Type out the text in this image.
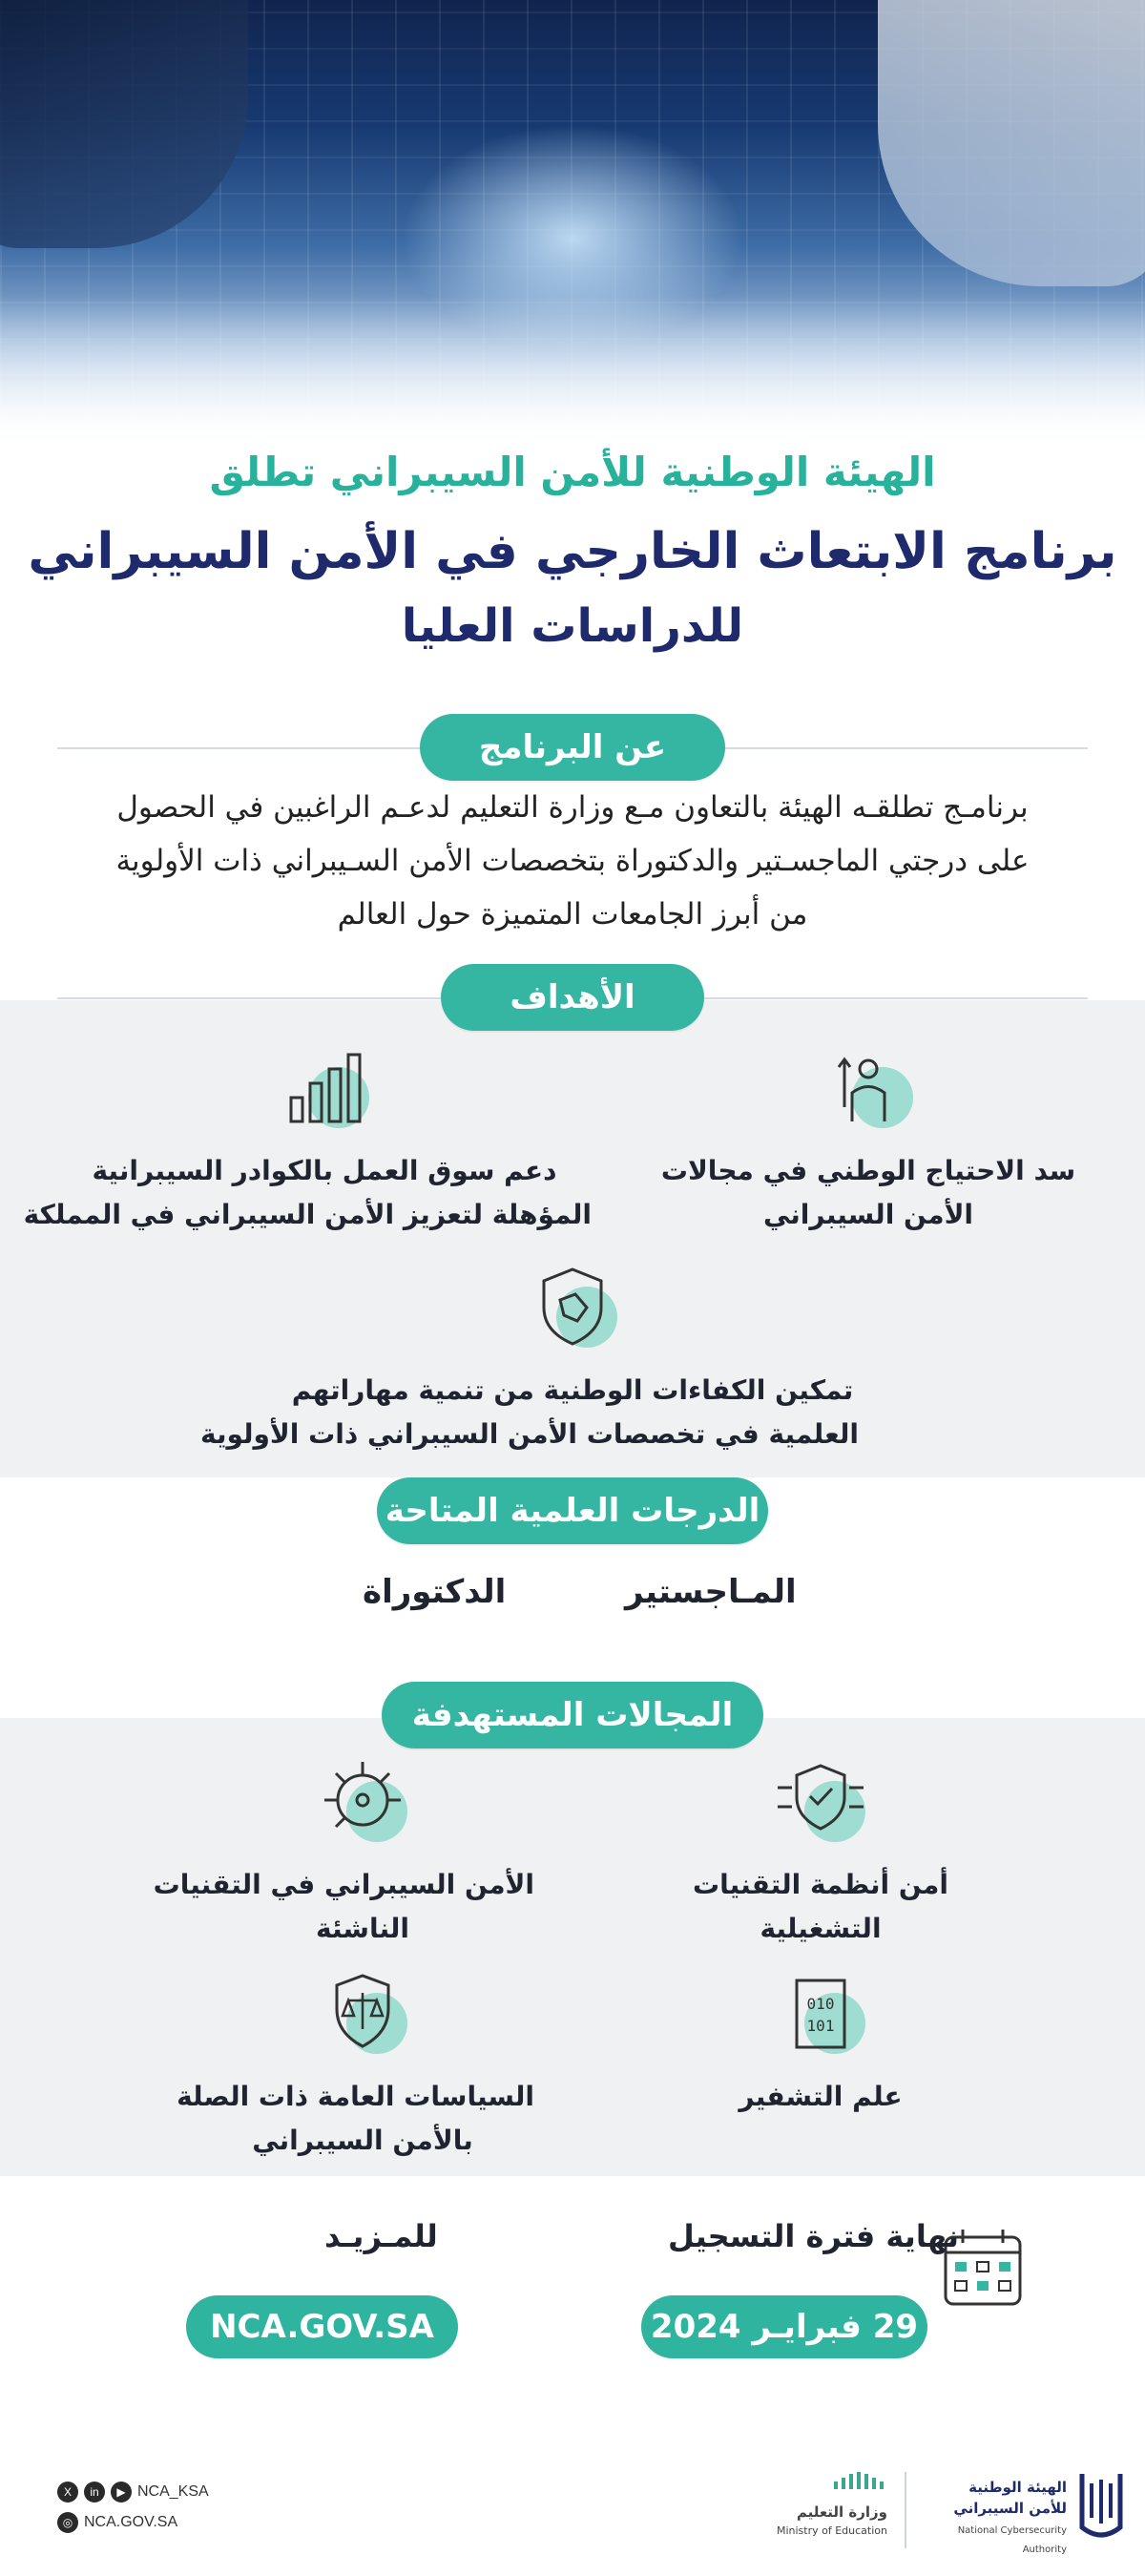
الهيئة الوطنية للأمن السيبراني تطلق
برنامج الابتعاث الخارجي في الأمن السيبراني
للدراسات العليا
عن البرنامج
برنامـج تطلقـه الهيئة بالتعاون مـع وزارة التعليم لدعـم الراغبين في الحصول
على درجتي الماجسـتير والدكتوراة بتخصصات الأمن السـيبراني ذات الأولوية
من أبرز الجامعات المتميزة حول العالم
الأهداف
سد الاحتياج الوطني في مجالات
الأمن السيبراني
دعم سوق العمل بالكوادر السيبرانية
المؤهلة لتعزيز الأمن السيبراني في المملكة
تمكين الكفاءات الوطنية من تنمية مهاراتهم
العلمية في تخصصات الأمن السيبراني ذات الأولوية
الدرجات العلمية المتاحة
المـاجستير
الدكتوراة
المجالات المستهدفة
أمن أنظمة التقنيات
التشغيلية
الأمن السيبراني في التقنيات
الناشئة
010
101
علم التشفير
السياسات العامة ذات الصلة
بالأمن السيبراني
نهاية فترة التسجيل
29 فبرايـر 2024
للمـزيـد
NCA.GOV.SA
X	in	▶ NCA_KSA
◎ NCA.GOV.SA
وزارة التعليم
Ministry of Education
الهيئة الوطنية
للأمن السيبراني
National Cybersecurity Authority
